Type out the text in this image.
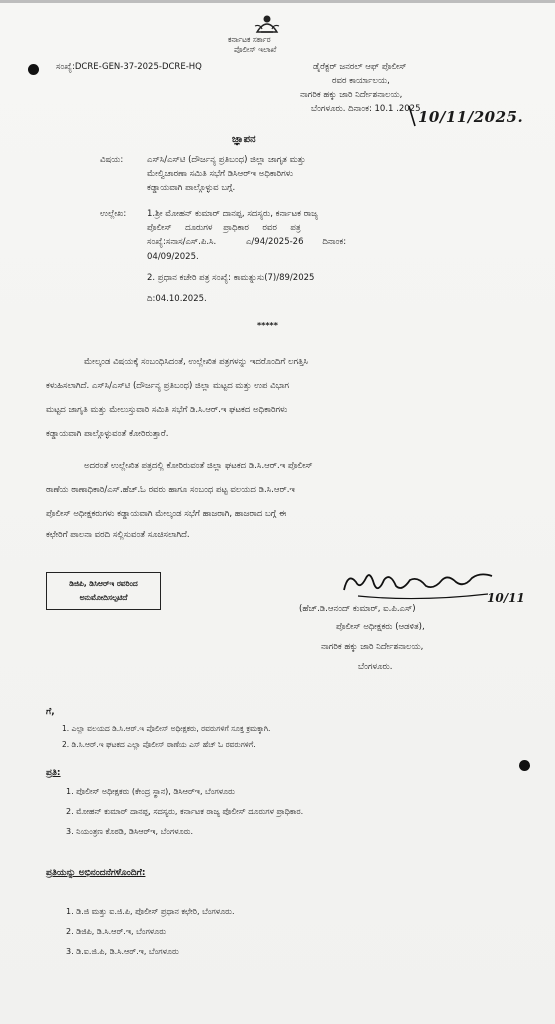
ಕರ್ನಾಟಕ ಸರ್ಕಾರ
ಪೊಲೀಸ್ ಇಲಾಖೆ
ಸಂಖ್ಯೆ:DCRE-GEN-37-2025-DCRE-HQ	ಡೈರೆಕ್ಟರ್ ಜನರಲ್ ಆಫ್ ಪೊಲೀಸ್
ರವರ ಕಾರ್ಯಾಲಯ,
ನಾಗರಿಕ ಹಕ್ಕು ಜಾರಿ ನಿರ್ದೇಶನಾಲಯ,
ಬೆಂಗಳೂರು. ದಿನಾಂಕ: 10.1 .2025
10/11/2025.
ಜ್ಞಾಪನ
ವಿಷಯ:	ಎಸ್‌ಸಿ/ಎಸ್‌ಟಿ (ದೌರ್ಜನ್ಯ ಪ್ರತಿಬಂಧ) ಜಿಲ್ಲಾ ಜಾಗೃತ ಮತ್ತು
ಮೇಲ್ವಿಚಾರಣಾ ಸಮಿತಿ ಸಭೆಗೆ ಡಿಸಿಆರ್‌ಇ ಅಧಿಕಾರಿಗಳು
ಕಡ್ಡಾಯವಾಗಿ ಪಾಲ್ಗೊಳ್ಳುವ ಬಗ್ಗೆ.
ಉಲ್ಲೇಖ: 1.ಶ್ರೀ ಮೋಹನ್ ಕುಮಾರ್ ದಾನಪ್ಪ, ಸದಸ್ಯರು, ಕರ್ನಾಟಕ ರಾಜ್ಯ
ಪೊಲೀಸ್     ದೂರುಗಳ    ಪ್ರಾಧಿಕಾರ     ರವರ     ಪತ್ರ
ಸಂಖ್ಯೆ:ಸನಾಸ/ಎಸ್.ಪಿ.ಸಿ.           ಎ/94/2025-26       ದಿನಾಂಕ:
04/09/2025.
2. ಪ್ರಧಾನ ಕಚೇರಿ ಪತ್ರ ಸಂಖ್ಯೆ: ಕಾಮತ್ನುಸು(7)/89/2025
ದಿ:04.10.2025.
*****
ಮೇಲ್ಕಂಡ ವಿಷಯಕ್ಕೆ ಸಂಬಂಧಿಸಿದಂತೆ, ಉಲ್ಲೇಖಿತ ಪತ್ರಗಳನ್ನು ಇದರೊಂದಿಗೆ ಲಗತ್ತಿಸಿ
ಕಳುಹಿಸಲಾಗಿದೆ. ಎಸ್‌ಸಿ/ಎಸ್‌ಟಿ (ದೌರ್ಜನ್ಯ ಪ್ರತಿಬಂಧ) ಜಿಲ್ಲಾ ಮಟ್ಟದ ಮತ್ತು ಉಪ ವಿಭಾಗ
ಮಟ್ಟದ ಜಾಗೃತಿ ಮತ್ತು ಮೇಲುಸ್ತುವಾರಿ ಸಮಿತಿ ಸಭೆಗೆ ಡಿ.ಸಿ.ಆರ್.ಇ ಘಟಕದ ಅಧಿಕಾರಿಗಳು
ಕಡ್ಡಾಯವಾಗಿ ಪಾಲ್ಗೊಳ್ಳುವಂತೆ ಕೋರಿರುತ್ತಾರೆ.
ಅದರಂತೆ ಉಲ್ಲೇಖಿತ ಪತ್ರದಲ್ಲಿ ಕೋರಿರುವಂತೆ ಜಿಲ್ಲಾ ಘಟಕದ ಡಿ.ಸಿ.ಆರ್.ಇ ಪೊಲೀಸ್
ಠಾಣೆಯ ಠಾಣಾಧಿಕಾರಿ/ಎಸ್.ಹೆಚ್.ಓ ರವರು ಹಾಗೂ ಸಂಬಂಧ ಪಟ್ಟ ವಲಯದ ಡಿ.ಸಿ.ಆರ್.ಇ
ಪೊಲೀಸ್ ಅಧೀಕ್ಷಕರುಗಳು ಕಡ್ಡಾಯವಾಗಿ ಮೇಲ್ಕಂಡ ಸಭೆಗೆ ಹಾಜರಾಗಿ, ಹಾಜರಾದ ಬಗ್ಗೆ ಈ
ಕಛೇರಿಗೆ ಪಾಲನಾ ವರದಿ ಸಲ್ಲಿಸುವಂತೆ ಸೂಚಿಸಲಾಗಿದೆ.
ಡಿಜಿಪಿ, ಡಿಸಿಆರ್‌ಇ ರವರಿಂದ
ಅನುಮೋದಿಸಲ್ಪಟಿದೆ	10/11
(ಹೆಚ್.ಡಿ.ಆನಂದ್ ಕುಮಾರ್, ಐ.ಪಿ.ಎಸ್)
ಪೊಲೀಸ್ ಅಧೀಕ್ಷಕರು (ಆಡಳಿತ),
ನಾಗರಿಕ ಹಕ್ಕು ಜಾರಿ ನಿರ್ದೇಶನಾಲಯ,
ಬೆಂಗಳೂರು.
ಗೆ,
1. ಎಲ್ಲಾ ವಲಯದ ಡಿ.ಸಿ.ಆರ್.ಇ ಪೊಲೀಸ್ ಅಧೀಕ್ಷಕರು, ರವರುಗಳಿಗೆ ಸೂಕ್ತ ಕ್ರಮಕ್ಕಾಗಿ.
2. ಡಿ.ಸಿ.ಆರ್.ಇ ಘಟಕದ ಎಲ್ಲಾ ಪೊಲೀಸ್ ಠಾಣೆಯ ಎಸ್ ಹೆಚ್ ಓ ರವರುಗಳಿಗೆ.
ಪ್ರತಿ:
1. ಪೊಲೀಸ್ ಅಧೀಕ್ಷಕರು (ಕೇಂದ್ರ ಸ್ಥಾನ), ಡಿಸಿಆರ್‌ಇ, ಬೆಂಗಳೂರು
2. ಮೋಹನ್ ಕುಮಾರ್ ದಾನಪ್ಪ, ಸದಸ್ಯರು, ಕರ್ನಾಟಕ ರಾಜ್ಯ ಪೊಲೀಸ್ ದೂರುಗಳ ಪ್ರಾಧಿಕಾರ.
3. ನಿಯಂತ್ರಣ ಕೊಠಡಿ, ಡಿಸಿಆರ್‌ಇ, ಬೆಂಗಳೂರು.
ಪ್ರತಿಯನ್ನು ಅಭಿನಂದನೆಗಳೊಂದಿಗೆ:
1. ಡಿ.ಜಿ ಮತ್ತು ಐ.ಜಿ.ಪಿ, ಪೊಲೀಸ್ ಪ್ರಧಾನ ಕಛೇರಿ, ಬೆಂಗಳೂರು.
2. ಡಿಜಿಪಿ, ಡಿ.ಸಿ.ಆರ್.ಇ, ಬೆಂಗಳೂರು
3. ಡಿ.ಐ.ಜಿ.ಪಿ, ಡಿ.ಸಿ.ಆರ್.ಇ, ಬೆಂಗಳೂರು
